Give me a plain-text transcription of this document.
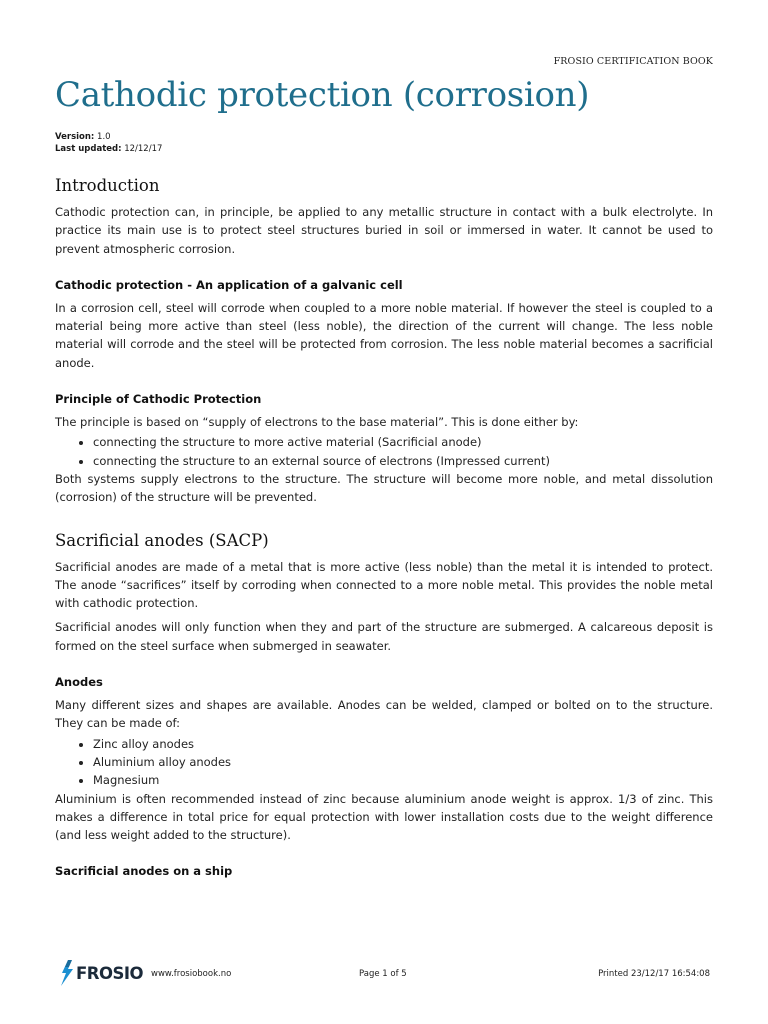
FROSIO CERTIFICATION BOOK
Cathodic protection (corrosion)
Version: 1.0
Last updated: 12/12/17
Introduction

Cathodic protection can, in principle, be applied to any metallic structure in contact with a bulk electrolyte. In practice its main use is to protect steel structures buried in soil or immersed in water. It cannot be used to prevent atmospheric corrosion.

Cathodic protection - An application of a galvanic cell

In a corrosion cell, steel will corrode when coupled to a more noble material. If however the steel is coupled to a material being more active than steel (less noble), the direction of the current will change. The less noble material will corrode and the steel will be protected from corrosion. The less noble material becomes a sacrificial anode.

Principle of Cathodic Protection

The principle is based on “supply of electrons to the base material”. This is done either by:

• connecting the structure to more active material (Sacrificial anode)
• connecting the structure to an external source of electrons (Impressed current)

Both systems supply electrons to the structure. The structure will become more noble, and metal dissolution (corrosion) of the structure will be prevented.

Sacrificial anodes (SACP)

Sacrificial anodes are made of a metal that is more active (less noble) than the metal it is intended to protect. The anode “sacrifices” itself by corroding when connected to a more noble metal. This provides the noble metal with cathodic protection.

Sacrificial anodes will only function when they and part of the structure are submerged. A calcareous deposit is formed on the steel surface when submerged in seawater.

Anodes

Many different sizes and shapes are available. Anodes can be welded, clamped or bolted on to the structure. They can be made of:

• Zinc alloy anodes
• Aluminium alloy anodes
• Magnesium

Aluminium is often recommended instead of zinc because aluminium anode weight is approx. 1/3 of zinc. This makes a difference in total price for equal protection with lower installation costs due to the weight difference (and less weight added to the structure).

Sacrificial anodes on a ship
FROSIO www.frosiobook.no	Page 1 of 5	Printed 23/12/17 16:54:08
